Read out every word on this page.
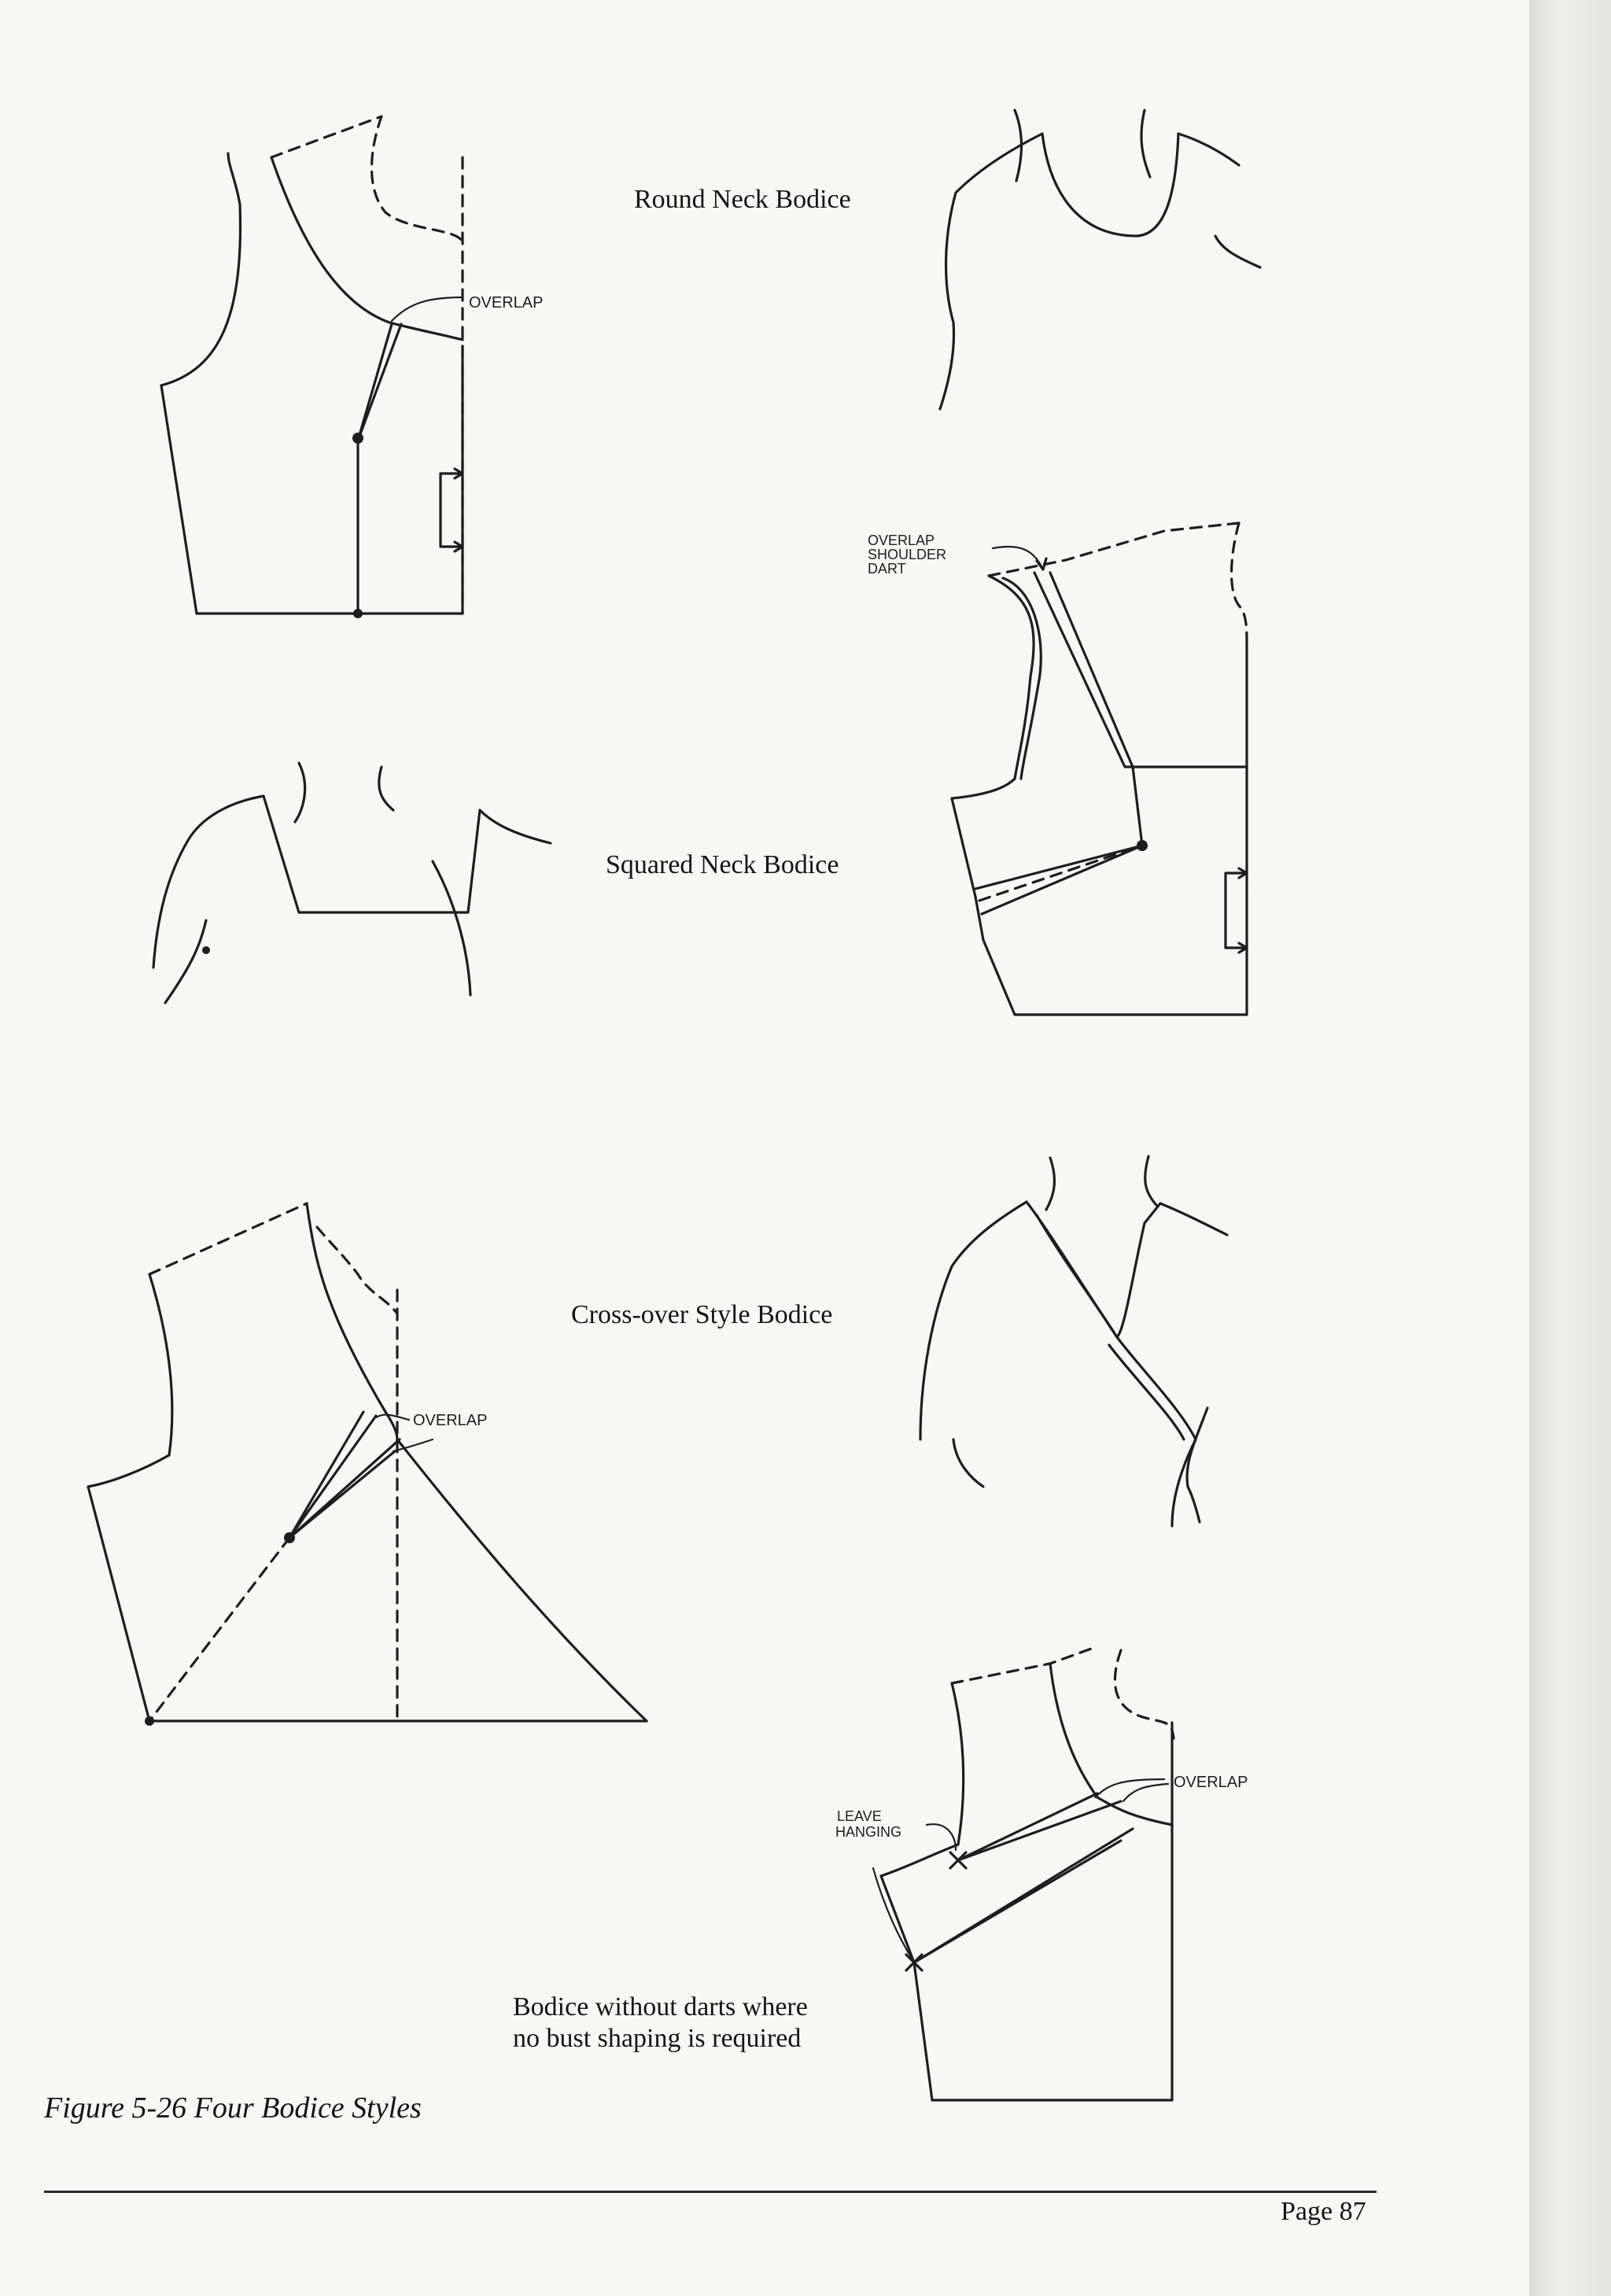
OVERLAP
OVERLAP
SHOULDER
DART
OVERLAP
OVERLAP
LEAVE
HANGING

Round Neck Bodice

Squared Neck Bodice

Cross-over Style Bodice

Bodice without darts where

no bust shaping is required

Figure 5-26 Four Bodice Styles

Page 87
